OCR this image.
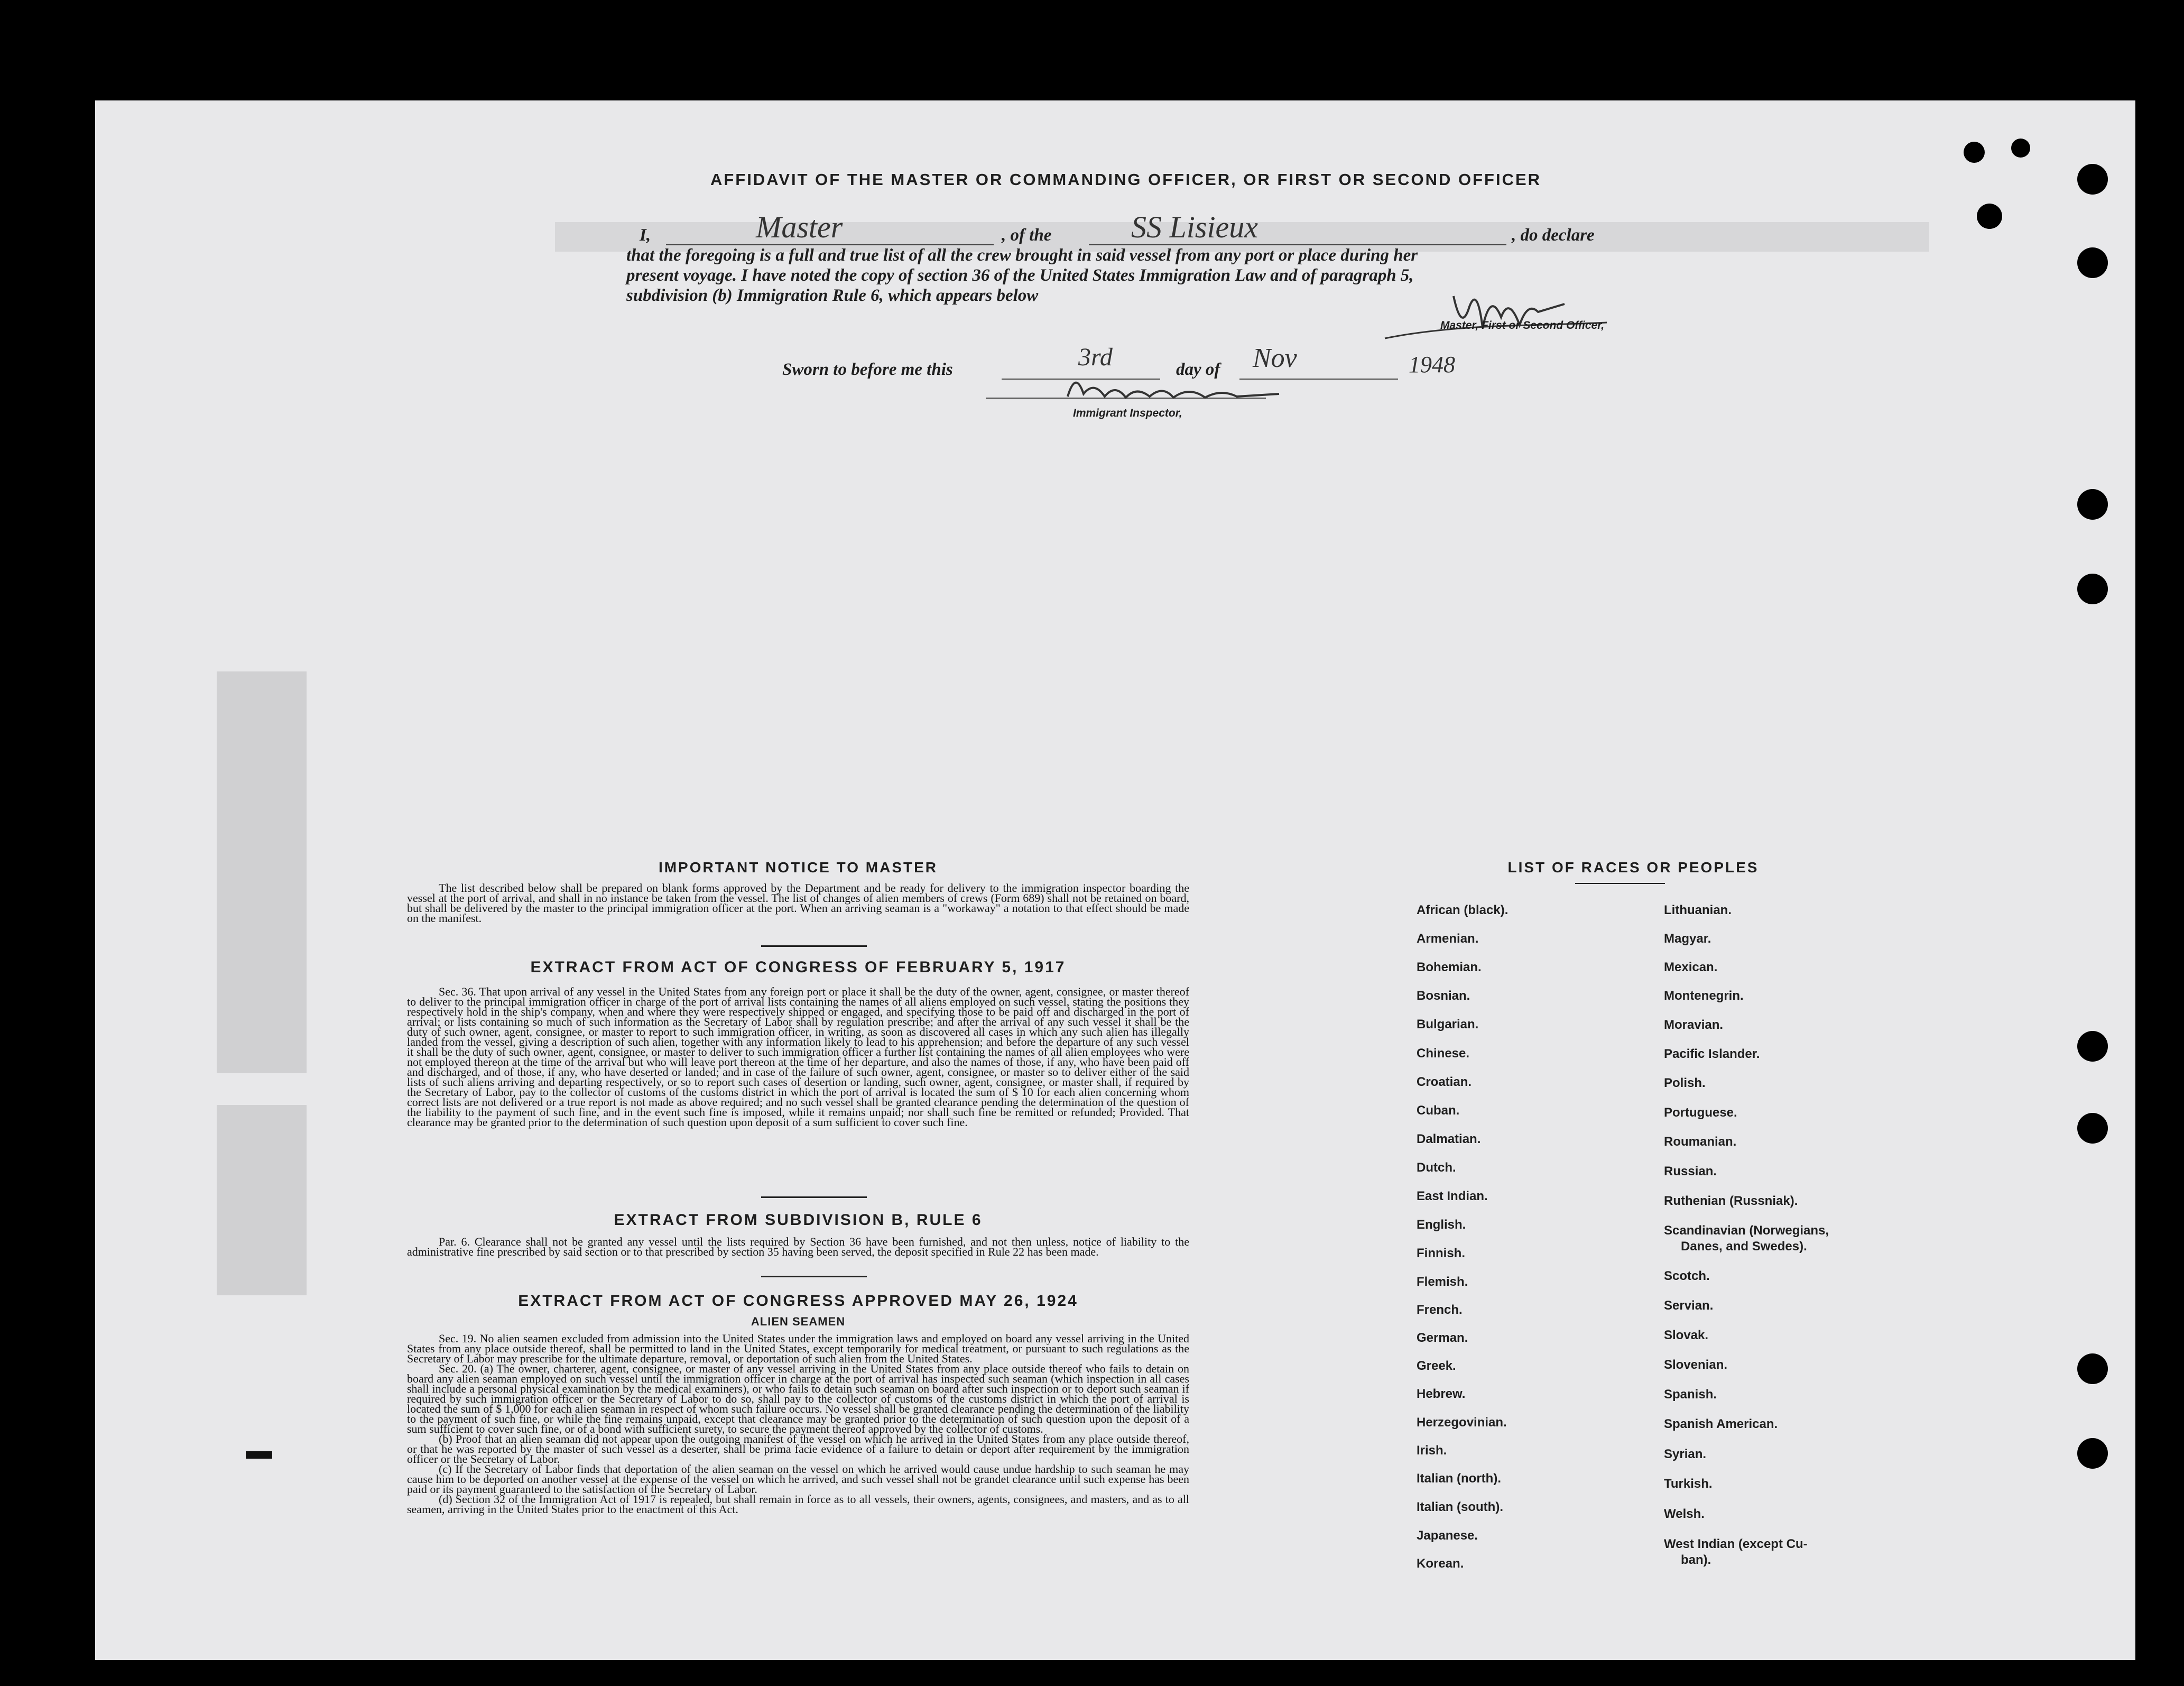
AFFIDAVIT OF THE MASTER OR COMMANDING OFFICER, OR FIRST OR SECOND OFFICER
I,	Master	, of the	SS Lisieux	, do declare
that the foregoing is a full and true list of all the crew brought in said vessel from any port or place during her
present voyage. I have noted the copy of section 36 of the United States Immigration Law and of paragraph 5,
subdivision (b) Immigration Rule 6, which appears below
Master, First or Second Officer,
Sworn to before me this	3rd	day of Nov	1948
Immigrant Inspector,
IMPORTANT NOTICE TO MASTER

The list described below shall be prepared on blank forms approved by the Department and be ready for delivery to the immigration inspector boarding the vessel at the port of arrival, and shall in no instance be taken from the vessel. The list of changes of alien members of crews (Form 689) shall not be retained on board, but shall be delivered by the master to the principal immigration officer at the port. When an arriving seaman is a "workaway" a notation to that effect should be made on the manifest.

EXTRACT FROM ACT OF CONGRESS OF FEBRUARY 5, 1917

Sec. 36. That upon arrival of any vessel in the United States from any foreign port or place it shall be the duty of the owner, agent, consignee, or master thereof to deliver to the principal immigration officer in charge of the port of arrival lists containing the names of all aliens employed on such vessel, stating the positions they respectively hold in the ship's company, when and where they were respectively shipped or engaged, and specifying those to be paid off and discharged in the port of arrival; or lists containing so much of such information as the Secretary of Labor shall by regulation prescribe; and after the arrival of any such vessel it shall be the duty of such owner, agent, consignee, or master to report to such immigration officer, in writing, as soon as discovered all cases in which any such alien has illegally landed from the vessel, giving a description of such alien, together with any information likely to lead to his apprehension; and before the departure of any such vessel it shall be the duty of such owner, agent, consignee, or master to deliver to such immigration officer a further list containing the names of all alien employees who were not employed thereon at the time of the arrival but who will leave port thereon at the time of her departure, and also the names of those, if any, who have been paid off and discharged, and of those, if any, who have deserted or landed; and in case of the failure of such owner, agent, consignee, or master so to deliver either of the said lists of such aliens arriving and departing respectively, or so to report such cases of desertion or landing, such owner, agent, consignee, or master shall, if required by the Secretary of Labor, pay to the collector of customs of the customs district in which the port of arrival is located the sum of $ 10 for each alien concerning whom correct lists are not delivered or a true report is not made as above required; and no such vessel shall be granted clearance pending the determination of the question of the liability to the payment of such fine, and in the event such fine is imposed, while it remains unpaid; nor shall such fine be remitted or refunded; Provided. That clearance may be granted prior to the determination of such question upon deposit of a sum sufficient to cover such fine.

EXTRACT FROM SUBDIVISION B, RULE 6

Par. 6. Clearance shall not be granted any vessel until the lists required by Section 36 have been furnished, and not then unless, notice of liability to the administrative fine prescribed by said section or to that prescribed by section 35 having been served, the deposit specified in Rule 22 has been made.

EXTRACT FROM ACT OF CONGRESS APPROVED MAY 26, 1924
ALIEN SEAMEN

Sec. 19. No alien seamen excluded from admission into the United States under the immigration laws and employed on board any vessel arriving in the United States from any place outside thereof, shall be permitted to land in the United States, except temporarily for medical treatment, or pursuant to such regulations as the Secretary of Labor may prescribe for the ultimate departure, removal, or deportation of such alien from the United States.

Sec. 20. (a) The owner, charterer, agent, consignee, or master of any vessel arriving in the United States from any place outside thereof who fails to detain on board any alien seaman employed on such vessel until the immigration officer in charge at the port of arrival has inspected such seaman (which inspection in all cases shall include a personal physical examination by the medical examiners), or who fails to detain such seaman on board after such inspection or to deport such seaman if required by such immigration officer or the Secretary of Labor to do so, shall pay to the collector of customs of the customs district in which the port of arrival is located the sum of $ 1,000 for each alien seaman in respect of whom such failure occurs. No vessel shall be granted clearance pending the determination of the liability to the payment of such fine, or while the fine remains unpaid, except that clearance may be granted prior to the determination of such question upon the deposit of a sum sufficient to cover such fine, or of a bond with sufficient surety, to secure the payment thereof approved by the collector of customs.

(b) Proof that an alien seaman did not appear upon the outgoing manifest of the vessel on which he arrived in the United States from any place outside thereof, or that he was reported by the master of such vessel as a deserter, shall be prima facie evidence of a failure to detain or deport after requirement by the immigration officer or the Secretary of Labor.

(c) If the Secretary of Labor finds that deportation of the alien seaman on the vessel on which he arrived would cause undue hardship to such seaman he may cause him to be deported on another vessel at the expense of the vessel on which he arrived, and such vessel shall not be grandet clearance until such expense has been paid or its payment guaranteed to the satisfaction of the Secretary of Labor.

(d) Section 32 of the Immigration Act of 1917 is repealed, but shall remain in force as to all vessels, their owners, agents, consignees, and masters, and as to all seamen, arriving in the United States prior to the enactment of this Act.

LIST OF RACES OR PEOPLES
African (black).
Armenian.
Bohemian.
Bosnian.
Bulgarian.
Chinese.
Croatian.
Cuban.
Dalmatian.
Dutch.
East Indian.
English.
Finnish.
Flemish.
French.
German.
Greek.
Hebrew.
Herzegovinian.
Irish.
Italian (north).
Italian (south).
Japanese.
Korean.
Lithuanian.
Magyar.
Mexican.
Montenegrin.
Moravian.
Pacific Islander.
Polish.
Portuguese.
Roumanian.
Russian.
Ruthenian (Russniak).
Scandinavian (Norwegians,
Danes, and Swedes).
Scotch.
Servian.
Slovak.
Slovenian.
Spanish.
Spanish American.
Syrian.
Turkish.
Welsh.
West Indian (except Cu-
ban).
